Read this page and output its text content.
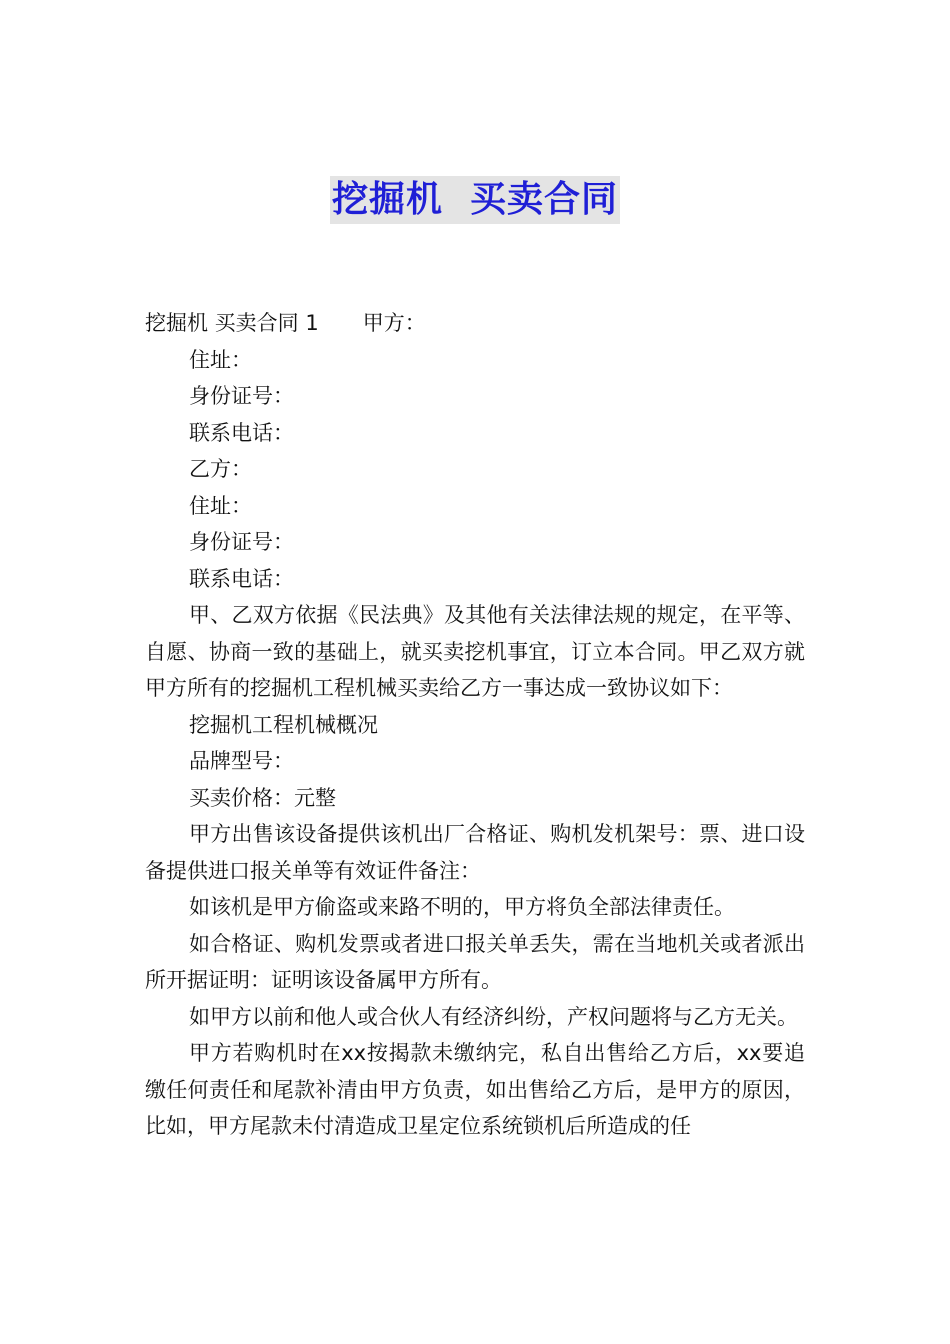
挖掘机  买卖合同
挖掘机 买卖合同 1 甲方：
住址：
身份证号：
联系电话：
乙方：
住址：
身份证号：
联系电话：
甲、乙双方依据《民法典》及其他有关法律法规的规定，在平等、自愿、协商一致的基础上，就买卖挖机事宜，订立本合同。甲乙双方就甲方所有的挖掘机工程机械买卖给乙方一事达成一致协议如下：
挖掘机工程机械概况
品牌型号：
买卖价格：元整
甲方出售该设备提供该机出厂合格证、购机发机架号：票、进口设备提供进口报关单等有效证件备注：
如该机是甲方偷盗或来路不明的，甲方将负全部法律责任。
如合格证、购机发票或者进口报关单丢失，需在当地机关或者派出所开据证明：证明该设备属甲方所有。
如甲方以前和他人或合伙人有经济纠纷，产权问题将与乙方无关。
甲方若购机时在xx按揭款未缴纳完，私自出售给乙方后，xx要追缴任何责任和尾款补清由甲方负责，如出售给乙方后，是甲方的原因，比如，甲方尾款未付清造成卫星定位系统锁机后所造成的任
